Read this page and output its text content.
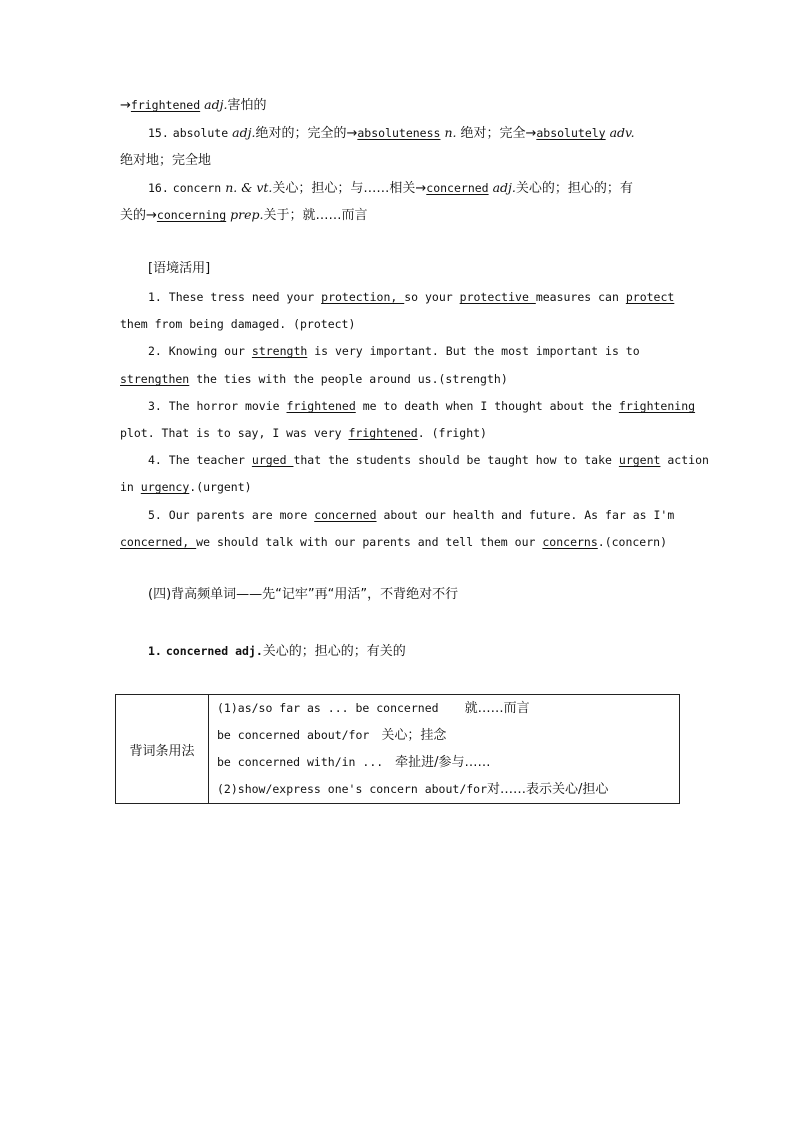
→frightened adj.害怕的
15. absolute adj.绝对的；完全的→absoluteness n. 绝对；完全→absolutely adv.
绝对地；完全地
16. concern n. & vt.关心；担心；与……相关→concerned adj.关心的；担心的；有
关的→concerning prep.关于；就……而言
[语境活用]
1. These tress need your protection, so your protective measures can protect
them from being damaged. (protect)
2. Knowing our strength is very important. But the most important is to
strengthen the ties with the people around us.(strength)
3. The horror movie frightened me to death when I thought about the frightening
plot. That is to say, I was very frightened. (fright)
4. The teacher urged that the students should be taught how to take urgent action
in urgency.(urgent)
5. Our parents are more concerned about our health and future. As far as I'm
concerned, we should talk with our parents and tell them our concerns.(concern)
(四)背高频单词——先“记牢”再“用活”，不背绝对不行
1. concerned adj.关心的；担心的；有关的
背词条用法	
(1)as/so far as ... be concerned 就……而言
be concerned about/for 关心；挂念
be concerned with/in ... 牵扯进/参与……
(2)show/express one's concern about/for对……表示关心/担心
